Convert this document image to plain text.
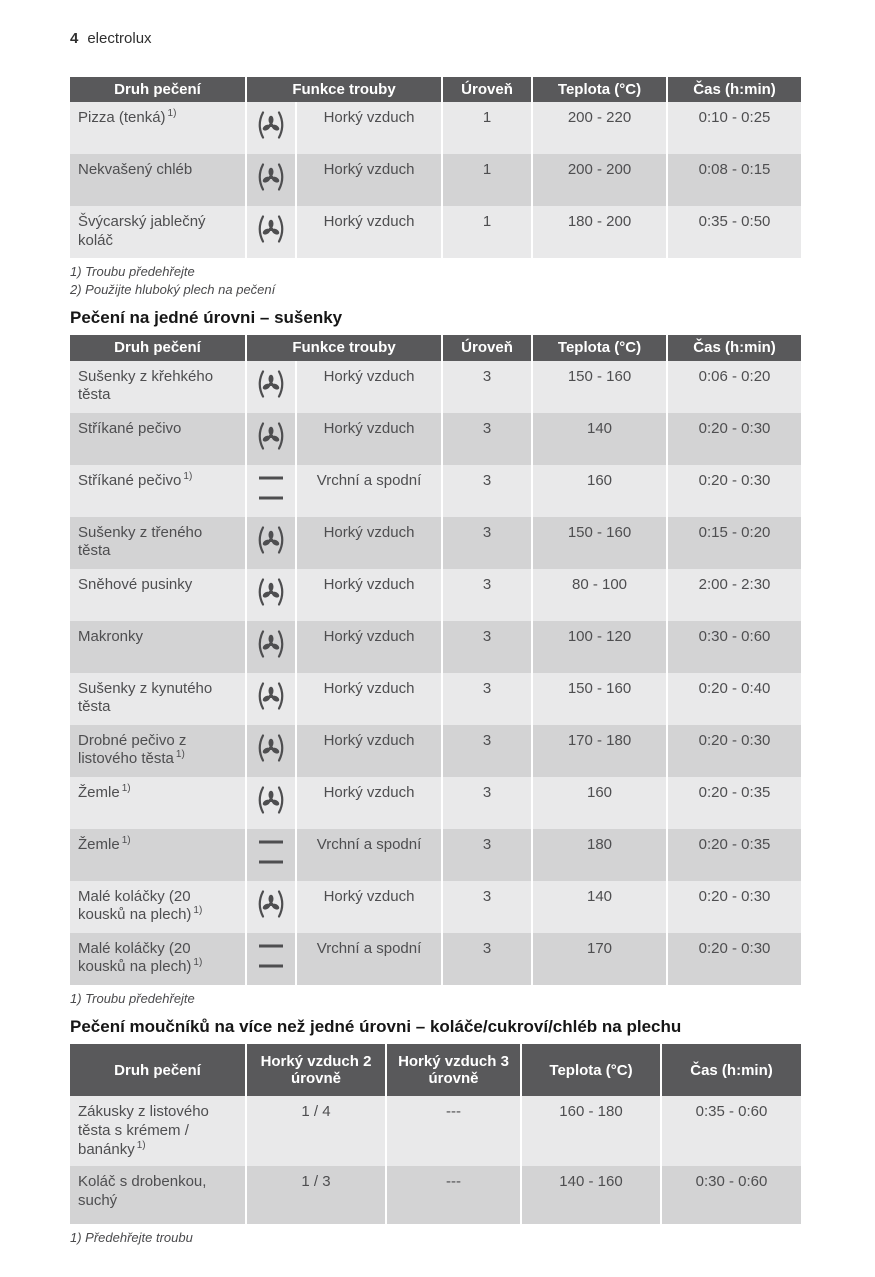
4 electrolux
Druh pečení	Funkce trouby		Úroveň	Teplota (°C)	Čas (h:min)
Pizza (tenká) $^{1)}$		Horký vzduch	1	200 - 220	0:10 - 0:25
Nekvašený chléb		Horký vzduch	1	200 - 200	0:08 - 0:15
Švýcarský jablečný koláč		Horký vzduch	1	180 - 200	0:35 - 0:50
1) Troubu předehřejte
2) Použijte hluboký plech na pečení
Pečení na jedné úrovni – sušenky
Druh pečení	Funkce trouby		Úroveň	Teplota (°C)	Čas (h:min)
Sušenky z křehkého těsta		Horký vzduch	3	150 - 160	0:06 - 0:20
Stříkané pečivo		Horký vzduch	3	140	0:20 - 0:30
Stříkané pečivo $^{1)}$		Vrchní a spodní	3	160	0:20 - 0:30
Sušenky z třeného těsta		Horký vzduch	3	150 - 160	0:15 - 0:20
Sněhové pusinky		Horký vzduch	3	80 - 100	2:00 - 2:30
Makronky		Horký vzduch	3	100 - 120	0:30 - 0:60
Sušenky z kynutého těsta		Horký vzduch	3	150 - 160	0:20 - 0:40
Drobné pečivo z listového těsta $^{1)}$		Horký vzduch	3	170 - 180	0:20 - 0:30
Žemle $^{1)}$		Horký vzduch	3	160	0:20 - 0:35
Žemle $^{1)}$		Vrchní a spodní	3	180	0:20 - 0:35
Malé koláčky (20 kousků na plech) $^{1)}$		Horký vzduch	3	140	0:20 - 0:30
Malé koláčky (20 kousků na plech) $^{1)}$		Vrchní a spodní	3	170	0:20 - 0:30
1) Troubu předehřejte
Pečení moučníků na více než jedné úrovni – koláče/cukroví/chléb na plechu
Druh pečení	Horký vzduch 2 úrovně	Horký vzduch 3 úrovně	Teplota (°C)	Čas (h:min)
Zákusky z listového těsta s krémem / banánky $^{1)}$	1 / 4	---	160 - 180	0:35 - 0:60
Koláč s drobenkou, suchý	1 / 3	---	140 - 160	0:30 - 0:60
1) Předehřejte troubu
